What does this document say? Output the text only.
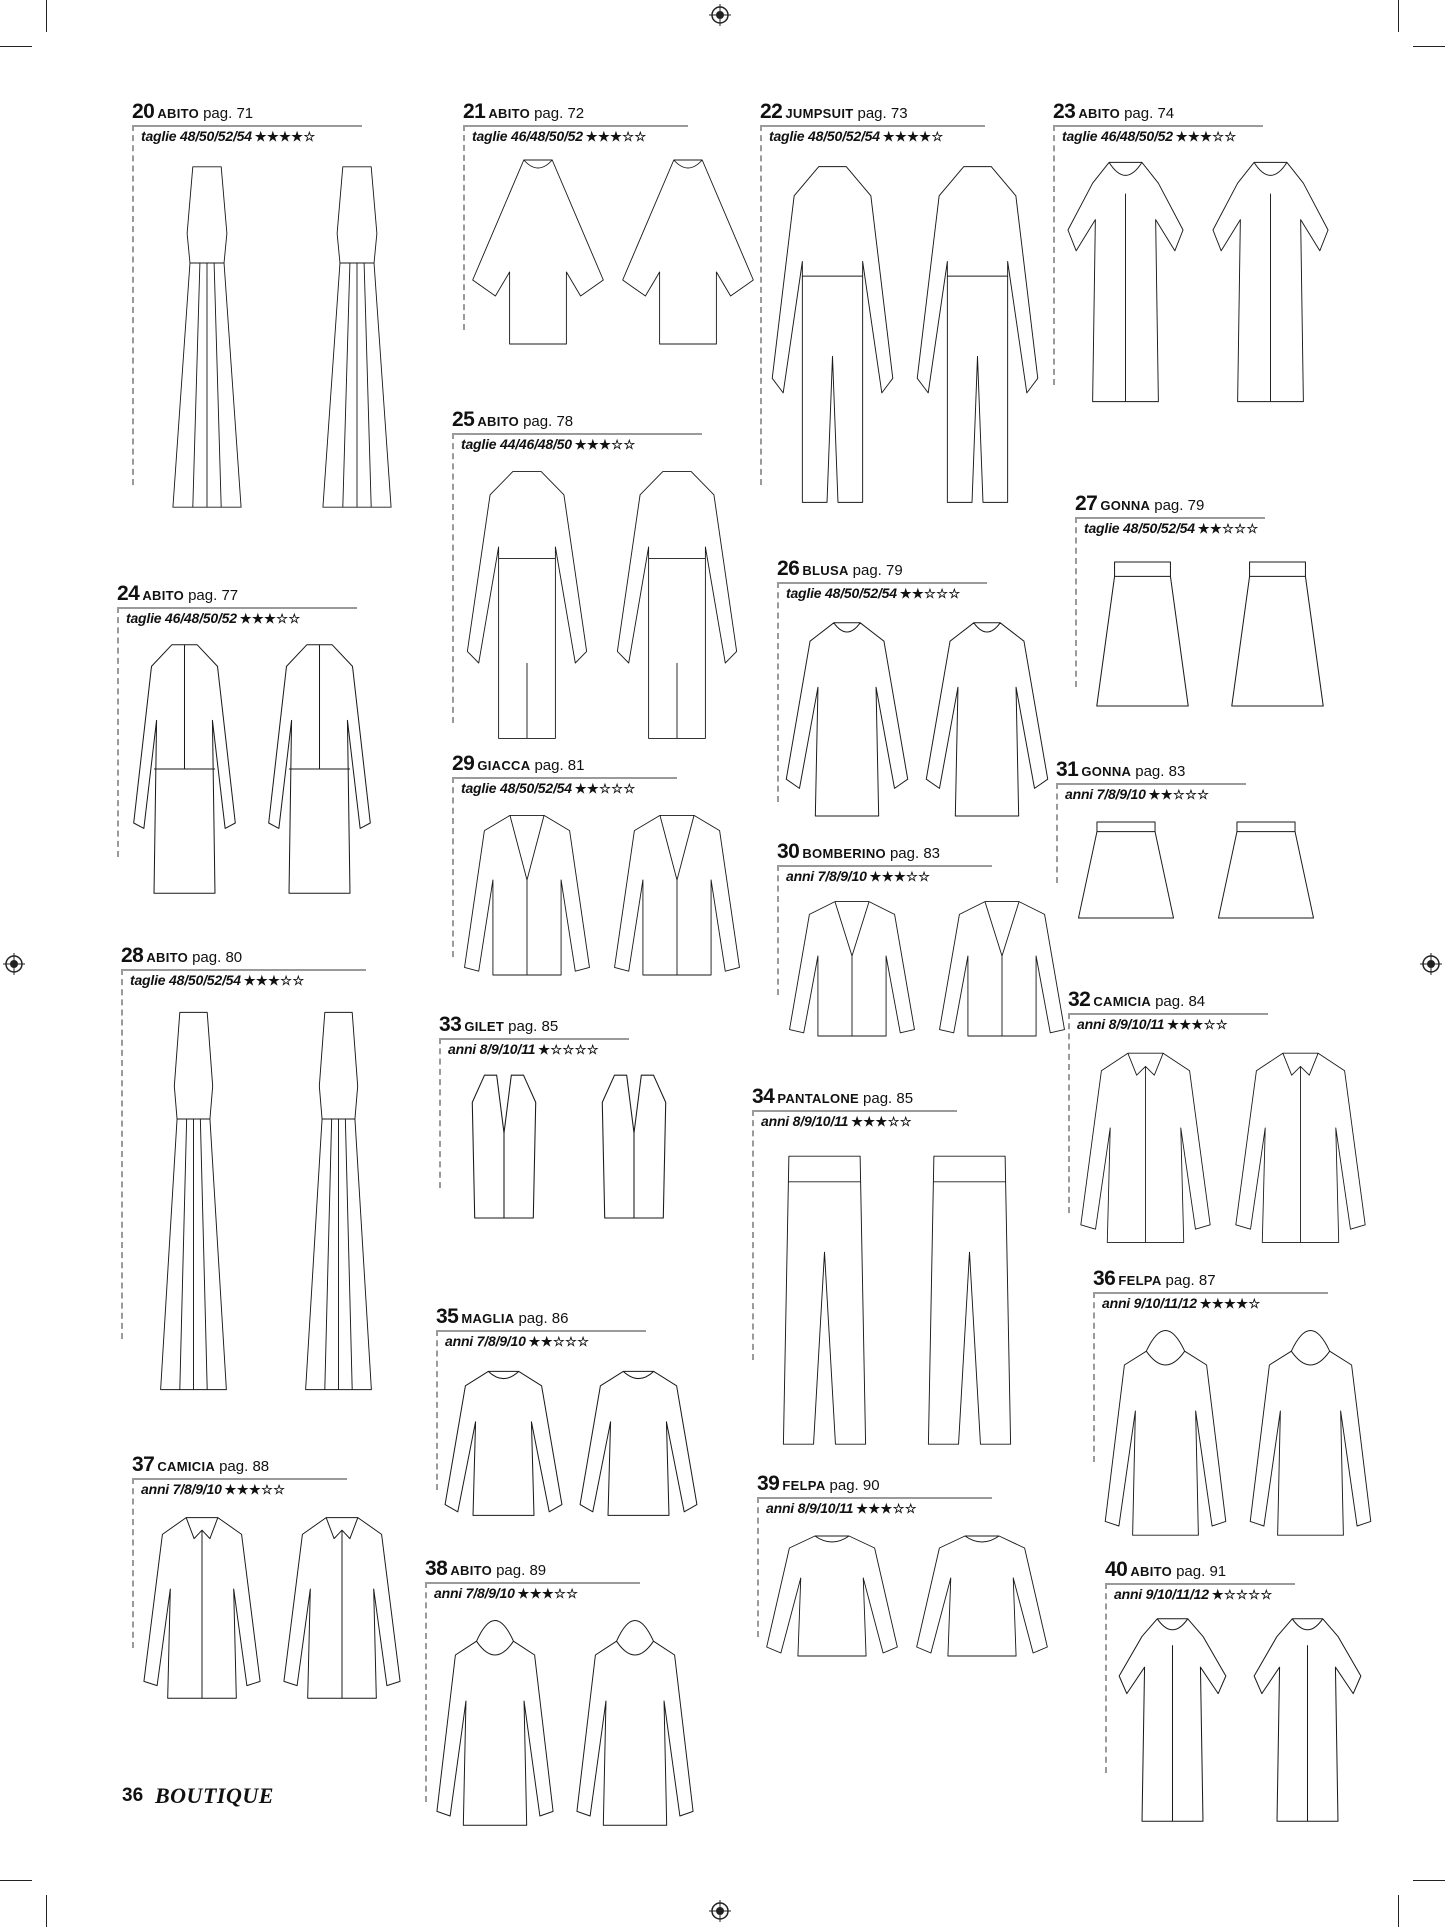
20 ABITO pag. 71
taglie 48/50/52/54 ★★★★☆
21 ABITO pag. 72
taglie 46/48/50/52 ★★★☆☆
22 JUMPSUIT pag. 73
taglie 48/50/52/54 ★★★★☆
23 ABITO pag. 74
taglie 46/48/50/52 ★★★☆☆
24 ABITO pag. 77
taglie 46/48/50/52 ★★★☆☆
25 ABITO pag. 78
taglie 44/46/48/50 ★★★☆☆
26 BLUSA pag. 79
taglie 48/50/52/54 ★★☆☆☆
27 GONNA pag. 79
taglie 48/50/52/54 ★★☆☆☆
28 ABITO pag. 80
taglie 48/50/52/54 ★★★☆☆
29 GIACCA pag. 81
taglie 48/50/52/54 ★★☆☆☆
30 BOMBERINO pag. 83
anni 7/8/9/10 ★★★☆☆
31 GONNA pag. 83
anni 7/8/9/10 ★★☆☆☆
32 CAMICIA pag. 84
anni 8/9/10/11 ★★★☆☆
33 GILET pag. 85
anni 8/9/10/11 ★☆☆☆☆
34 PANTALONE pag. 85
anni 8/9/10/11 ★★★☆☆
35 MAGLIA pag. 86
anni 7/8/9/10 ★★☆☆☆
36 FELPA pag. 87
anni 9/10/11/12 ★★★★☆
37 CAMICIA pag. 88
anni 7/8/9/10 ★★★☆☆
38 ABITO pag. 89
anni 7/8/9/10 ★★★☆☆
39 FELPA pag. 90
anni 8/9/10/11 ★★★☆☆
40 ABITO pag. 91
anni 9/10/11/12 ★☆☆☆☆
36 BOUTIQUE
